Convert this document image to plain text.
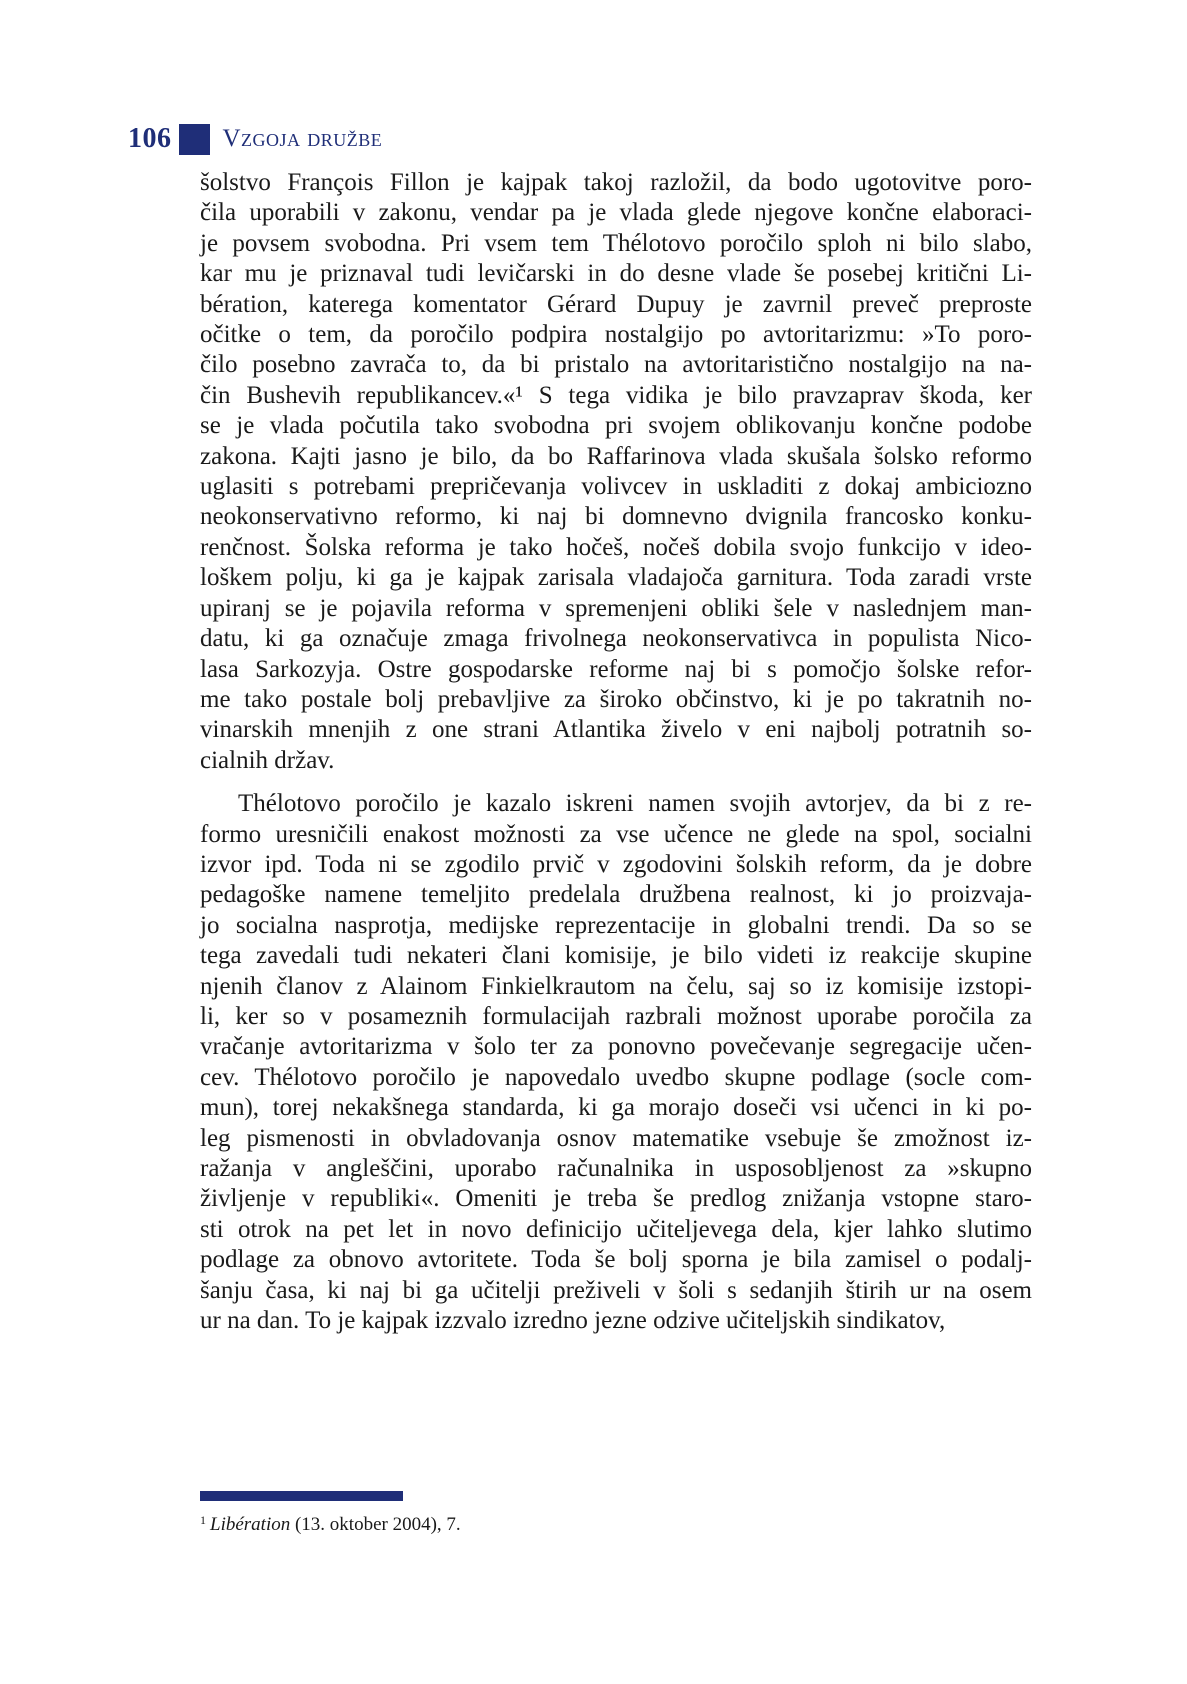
106 Vzgoja družbe

šolstvo François Fillon je kajpak takoj razložil, da bodo ugotovitve poro-
čila uporabili v zakonu, vendar pa je vlada glede njegove končne elaboraci-
je povsem svobodna. Pri vsem tem Thélotovo poročilo sploh ni bilo slabo,
kar mu je priznaval tudi levičarski in do desne vlade še posebej kritični Li-
bération, katerega komentator Gérard Dupuy je zavrnil preveč preproste
očitke o tem, da poročilo podpira nostalgijo po avtoritarizmu: »To poro-
čilo posebno zavrača to, da bi pristalo na avtoritaristično nostalgijo na na-
čin Bushevih republikancev.«¹ S tega vidika je bilo pravzaprav škoda, ker
se je vlada počutila tako svobodna pri svojem oblikovanju končne podobe
zakona. Kajti jasno je bilo, da bo Raffarinova vlada skušala šolsko reformo
uglasiti s potrebami prepričevanja volivcev in uskladiti z dokaj ambiciozno
neokonservativno reformo, ki naj bi domnevno dvignila francosko konku-
renčnost. Šolska reforma je tako hočeš, nočeš dobila svojo funkcijo v ideo-
loškem polju, ki ga je kajpak zarisala vladajoča garnitura. Toda zaradi vrste
upiranj se je pojavila reforma v spremenjeni obliki šele v naslednjem man-
datu, ki ga označuje zmaga frivolnega neokonservativca in populista Nico-
lasa Sarkozyja. Ostre gospodarske reforme naj bi s pomočjo šolske refor-
me tako postale bolj prebavljive za široko občinstvo, ki je po takratnih no-
vinarskih mnenjih z one strani Atlantika živelo v eni najbolj potratnih so-
cialnih držav.

Thélotovo poročilo je kazalo iskreni namen svojih avtorjev, da bi z re-
formo uresničili enakost možnosti za vse učence ne glede na spol, socialni
izvor ipd. Toda ni se zgodilo prvič v zgodovini šolskih reform, da je dobre
pedagoške namene temeljito predelala družbena realnost, ki jo proizvaja-
jo socialna nasprotja, medijske reprezentacije in globalni trendi. Da so se
tega zavedali tudi nekateri člani komisije, je bilo videti iz reakcije skupine
njenih članov z Alainom Finkielkrautom na čelu, saj so iz komisije izstopi-
li, ker so v posameznih formulacijah razbrali možnost uporabe poročila za
vračanje avtoritarizma v šolo ter za ponovno povečevanje segregacije učen-
cev. Thélotovo poročilo je napovedalo uvedbo skupne podlage (socle com-
mun), torej nekakšnega standarda, ki ga morajo doseči vsi učenci in ki po-
leg pismenosti in obvladovanja osnov matematike vsebuje še zmožnost iz-
ražanja v angleščini, uporabo računalnika in usposobljenost za »skupno
življenje v republiki«. Omeniti je treba še predlog znižanja vstopne staro-
sti otrok na pet let in novo definicijo učiteljevega dela, kjer lahko slutimo
podlage za obnovo avtoritete. Toda še bolj sporna je bila zamisel o podalj-
šanju časa, ki naj bi ga učitelji preživeli v šoli s sedanjih štirih ur na osem
ur na dan. To je kajpak izzvalo izredno jezne odzive učiteljskih sindikatov,

$^1$ Libération (13. oktober 2004), 7.
